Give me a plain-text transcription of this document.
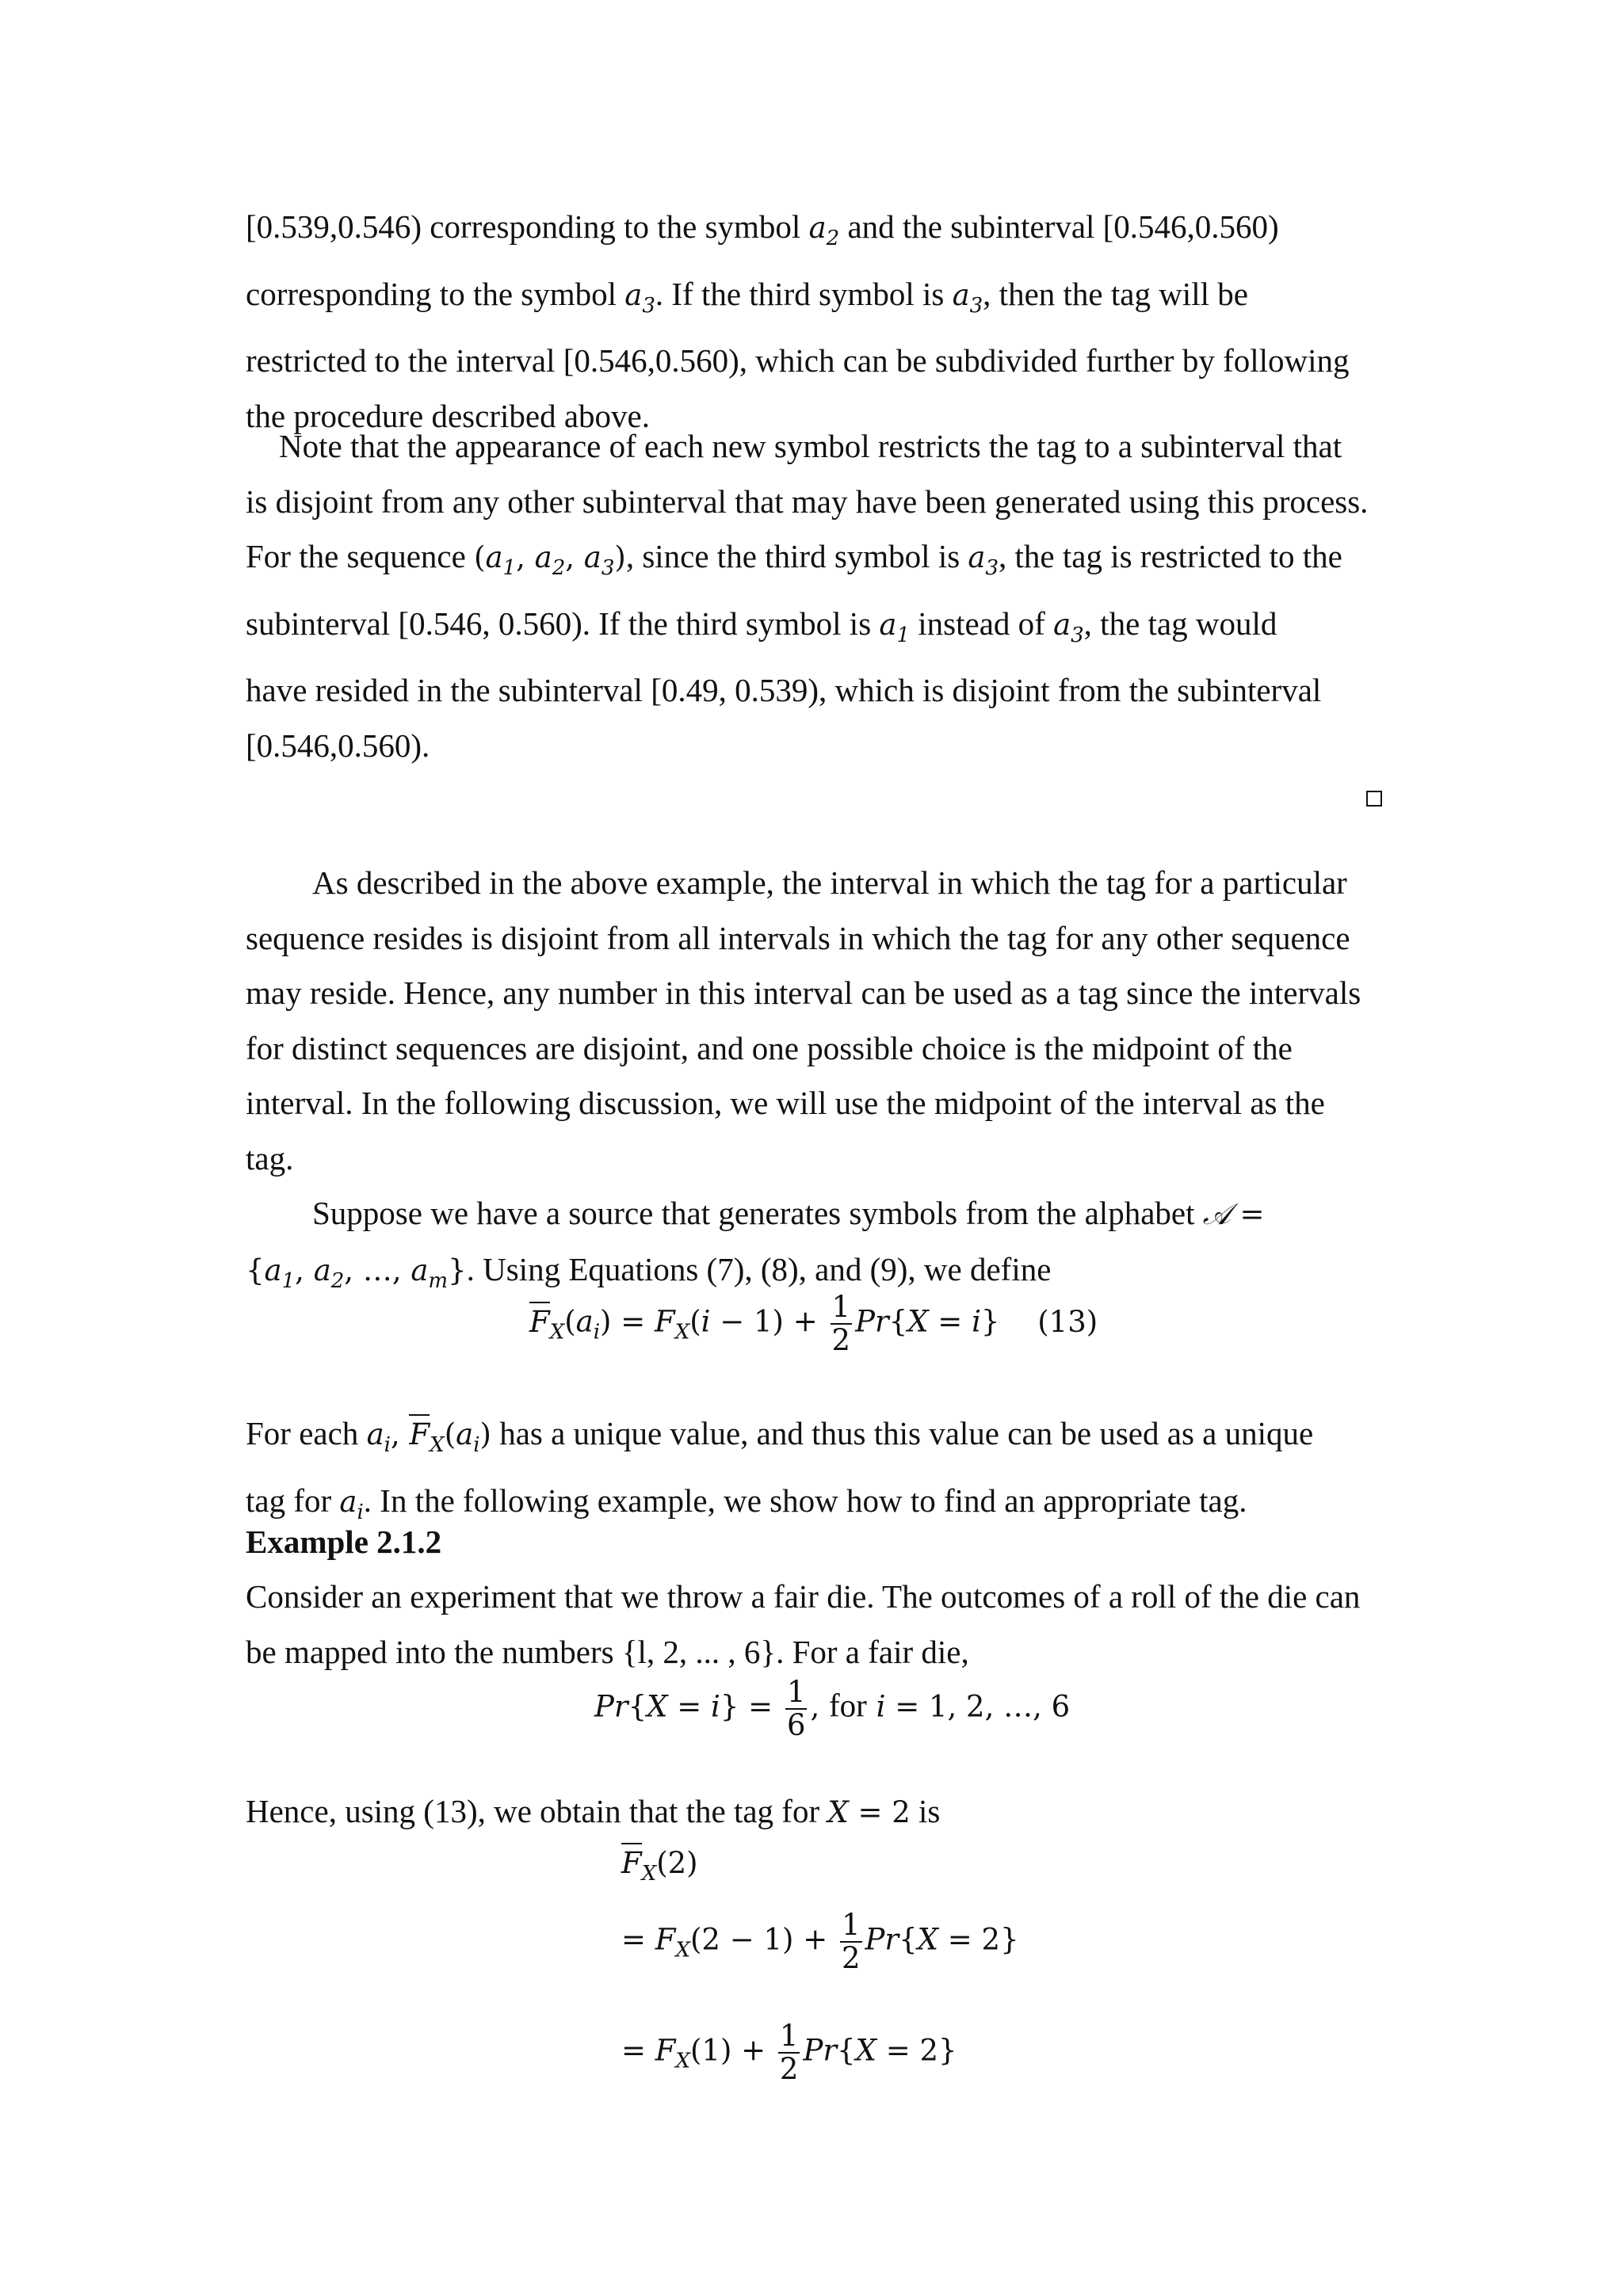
[0.539,0.546) corresponding to the symbol $a_2$ and the subinterval [0.546,0.560)
corresponding to the symbol $a_3$. If the third symbol is $a_3$, then the tag will be
restricted to the interval [0.546,0.560), which can be subdivided further by following
the procedure described above.
Note that the appearance of each new symbol restricts the tag to a subinterval that
is disjoint from any other subinterval that may have been generated using this process.
For the sequence ($a_1$, $a_2$, $a_3$), since the third symbol is $a_3$, the tag is restricted to the
subinterval [0.546, 0.560). If the third symbol is $a_1$ instead of $a_3$, the tag would
have resided in the subinterval [0.49, 0.539), which is disjoint from the subinterval
[0.546,0.560).
As described in the above example, the interval in which the tag for a particular
sequence resides is disjoint from all intervals in which the tag for any other sequence
may reside. Hence, any number in this interval can be used as a tag since the intervals
for distinct sequences are disjoint, and one possible choice is the midpoint of the
interval. In the following discussion, we will use the midpoint of the interval as the
tag.
Suppose we have a source that generates symbols from the alphabet 𝒜 =
{$a_1$, $a_2$, …, $a_m$}. Using Equations (7), (8), and (9), we define
$F_X(a_i) = F_X(i - 1) + \frac{1}{2} Pr\{X = i\}$ (13)
For each $a_i$, $F_X(a_i)$ has a unique value, and thus this value can be used as a unique
tag for $a_i$. In the following example, we show how to find an appropriate tag.
Example 2.1.2
Consider an experiment that we throw a fair die. The outcomes of a roll of the die can
be mapped into the numbers {l, 2, ... , 6}. For a fair die,
$Pr\{X = i\} = \frac{1}{6}$ , for i = 1, 2, …, 6
Hence, using (13), we obtain that the tag for X = 2 is
$F_X(2)$
= $F_X(2 - 1) + \frac{1}{2} Pr\{X = 2\}$
= $F_X(1) + \frac{1}{2} Pr\{X = 2\}$
